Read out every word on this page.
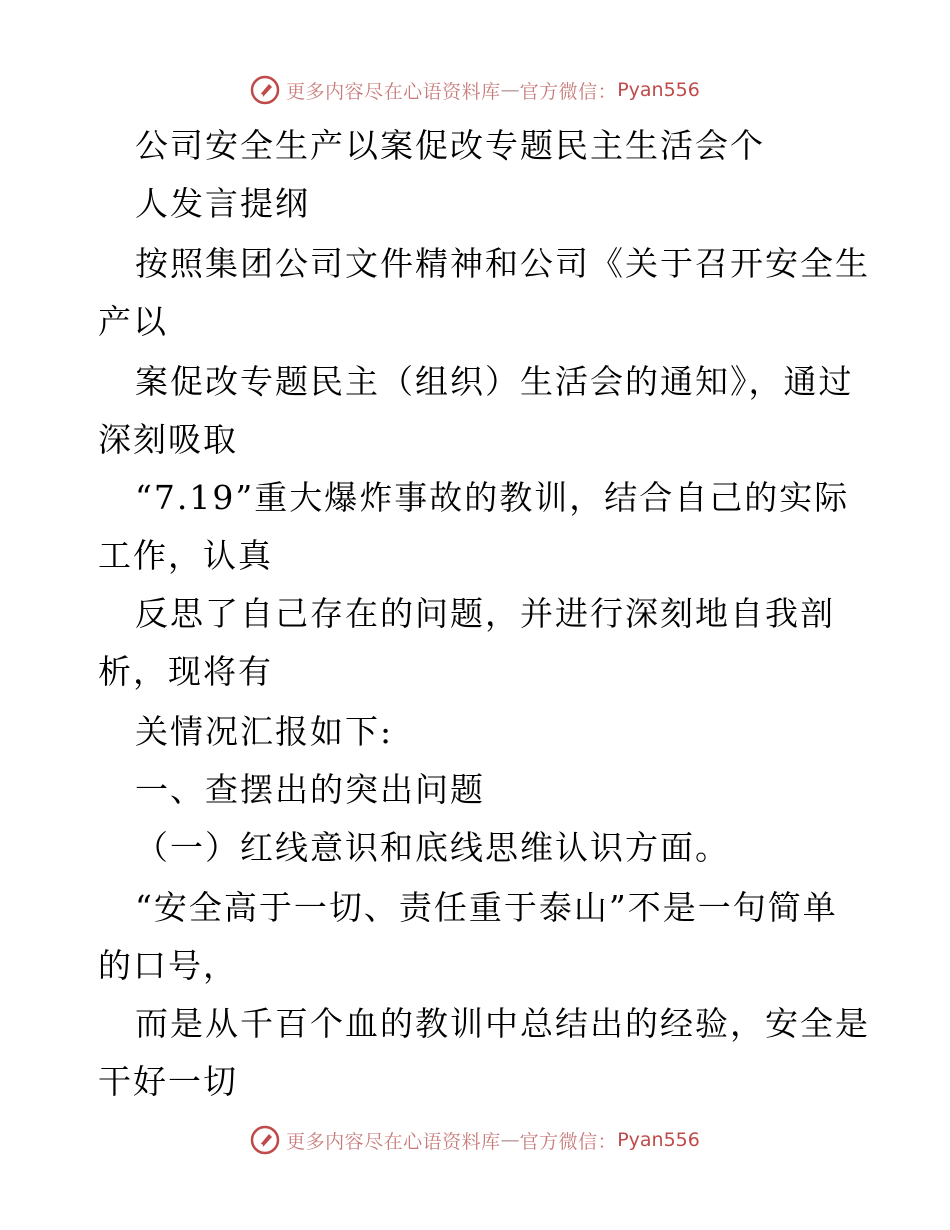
更多内容尽在心语资料库 — 官方微信： Pyan556
公司安全生产以案促改专题民主生活会个
人发言提纲
按照集团公司文件精神和公司《关于召开安全生
产以
案促改专题民主（组织）生活会的通知》，通过
深刻吸取
“7.19”重大爆炸事故的教训，结合自己的实际
工作，认真
反思了自己存在的问题，并进行深刻地自我剖
析，现将有
关情况汇报如下:
一、查摆出的突出问题
（一）红线意识和底线思维认识方面。
“安全高于一切、责任重于泰山”不是一句简单
的口号，
而是从千百个血的教训中总结出的经验，安全是
干好一切
更多内容尽在心语资料库 — 官方微信： Pyan556
